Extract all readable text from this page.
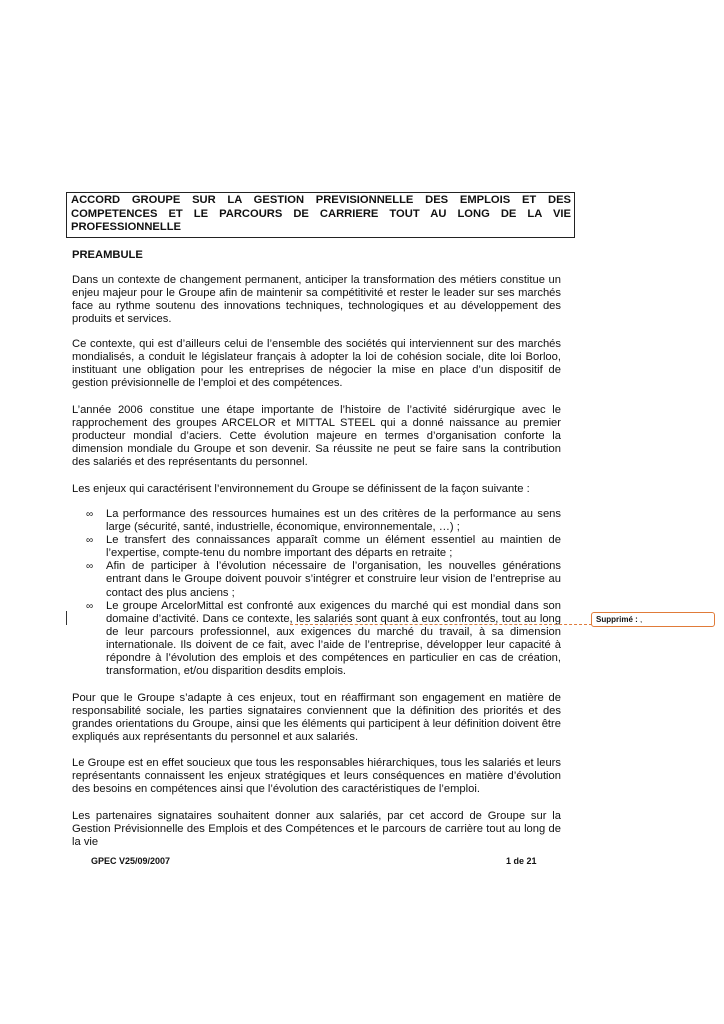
ACCORD GROUPE SUR LA GESTION PREVISIONNELLE DES EMPLOIS ET DES COMPETENCES ET LE PARCOURS DE CARRIERE TOUT AU LONG DE LA VIE PROFESSIONNELLE
PREAMBULE

Dans un contexte de changement permanent, anticiper la transformation des métiers constitue un enjeu majeur pour le Groupe afin de maintenir sa compétitivité et rester le leader sur ses marchés face au rythme soutenu des innovations techniques, technologiques et au développement des produits et services.

Ce contexte, qui est d’ailleurs celui de l’ensemble des sociétés qui interviennent sur des marchés mondialisés, a conduit le législateur français à adopter la loi de cohésion sociale, dite loi Borloo, instituant une obligation pour les entreprises de négocier la mise en place d’un dispositif de gestion prévisionnelle de l’emploi et des compétences.

L’année 2006 constitue une étape importante de l’histoire de l’activité sidérurgique avec le rapprochement des groupes ARCELOR et MITTAL STEEL qui a donné naissance au premier producteur mondial d’aciers. Cette évolution majeure en termes d’organisation conforte la dimension mondiale du Groupe et son devenir. Sa réussite ne peut se faire sans la contribution des salariés et des représentants du personnel.

Les enjeux qui caractérisent l’environnement du Groupe se définissent de la façon suivante :

∞ La performance des ressources humaines est un des critères de la performance au sens large (sécurité, santé, industrielle, économique, environnementale, …) ;
∞ Le transfert des connaissances apparaît comme un élément essentiel au maintien de l’expertise, compte-tenu du nombre important des départs en retraite ;
∞ Afin de participer à l’évolution nécessaire de l’organisation, les nouvelles générations entrant dans le Groupe doivent pouvoir s’intégrer et construire leur vision de l’entreprise au contact des plus anciens ;
∞ Le groupe ArcelorMittal est confronté aux exigences du marché qui est mondial dans son domaine d’activité. Dans ce contexte, les salariés sont quant à eux confrontés, tout au long de leur parcours professionnel, aux exigences du marché du travail, à sa dimension internationale. Ils doivent de ce fait, avec l’aide de l’entreprise, développer leur capacité à répondre à l’évolution des emplois et des compétences en particulier en cas de création, transformation, et/ou disparition desdits emplois.
Supprimé : ,

Pour que le Groupe s’adapte à ces enjeux, tout en réaffirmant son engagement en matière de responsabilité sociale, les parties signataires conviennent que la définition des priorités et des grandes orientations du Groupe, ainsi que les éléments qui participent à leur définition doivent être expliqués aux représentants du personnel et aux salariés.

Le Groupe est en effet soucieux que tous les responsables hiérarchiques, tous les salariés et leurs représentants connaissent les enjeux stratégiques et leurs conséquences en matière d’évolution des besoins en compétences ainsi que l’évolution des caractéristiques de l’emploi.

Les partenaires signataires souhaitent donner aux salariés, par cet accord de Groupe sur la Gestion Prévisionnelle des Emplois et des Compétences et le parcours de carrière tout au long de la vie

GPEC V25/09/2007	1 de 21
